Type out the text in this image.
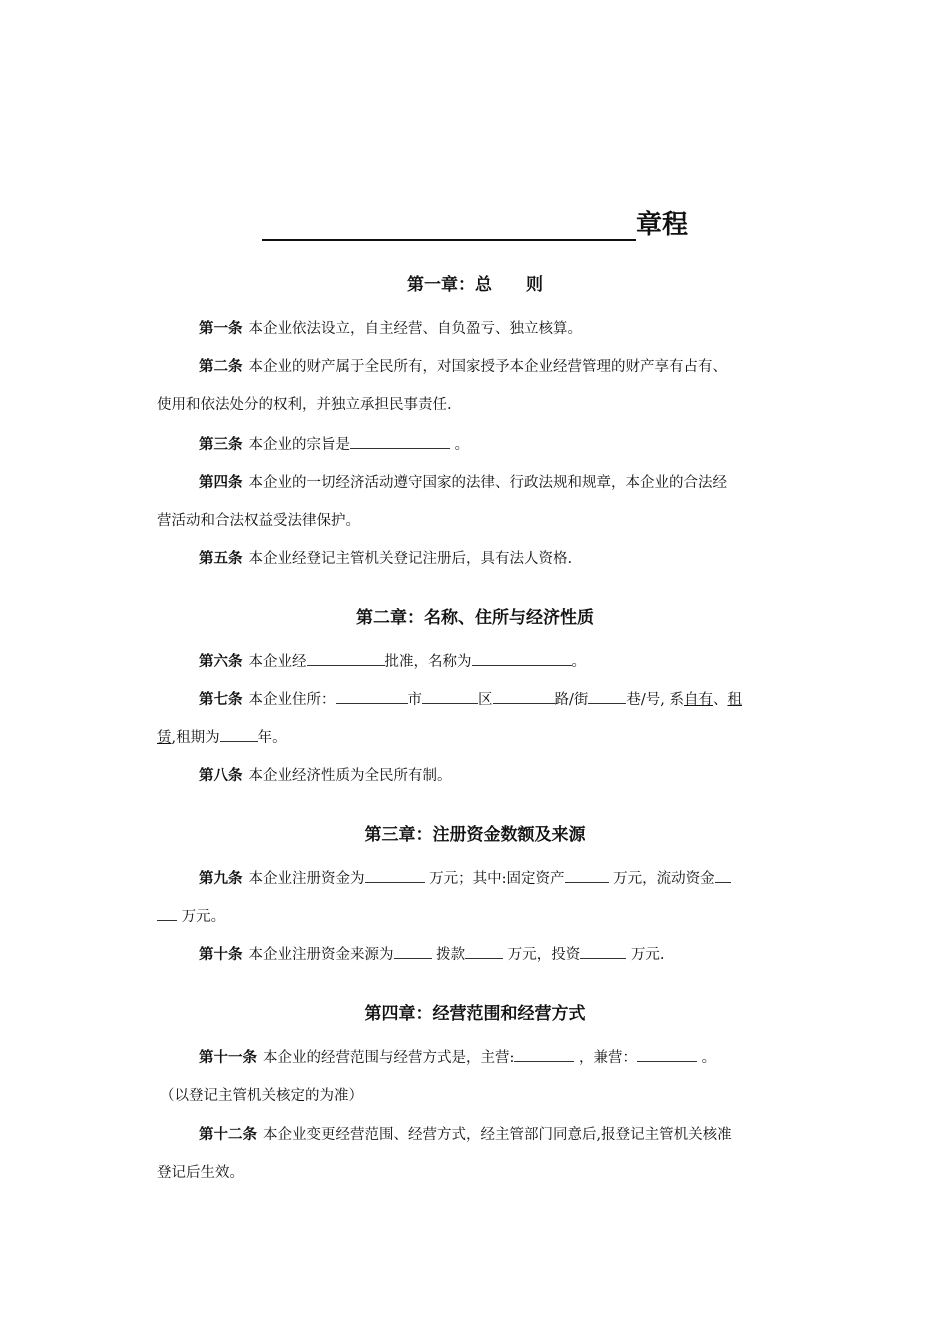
章程
第一章：总　　则
第一条 本企业依法设立，自主经营、自负盈亏、独立核算。
第二条 本企业的财产属于全民所有，对国家授予本企业经营管理的财产享有占有、
使用和依法处分的权利，并独立承担民事责任.
第三条 本企业的宗旨是	。
第四条 本企业的一切经济活动遵守国家的法律、行政法规和规章，本企业的合法经
营活动和合法权益受法律保护。
第五条 本企业经登记主管机关登记注册后，具有法人资格.
第二章：名称、住所与经济性质
第六条 本企业经	批准，名称为	。
第七条 本企业住所：	市	区	路/街	巷/号, 系自有、租
赁,租期为	年。
第八条 本企业经济性质为全民所有制。
第三章：注册资金数额及来源
第九条 本企业注册资金为	万元；其中:固定资产	万元，流动资金
万元。
第十条 本企业注册资金来源为	拨款	万元，投资	万元.
第四章：经营范围和经营方式
第十一条 本企业的经营范围与经营方式是，主营:	，兼营：	。
（以登记主管机关核定的为准）
第十二条 本企业变更经营范围、经营方式，经主管部门同意后,报登记主管机关核准
登记后生效。
